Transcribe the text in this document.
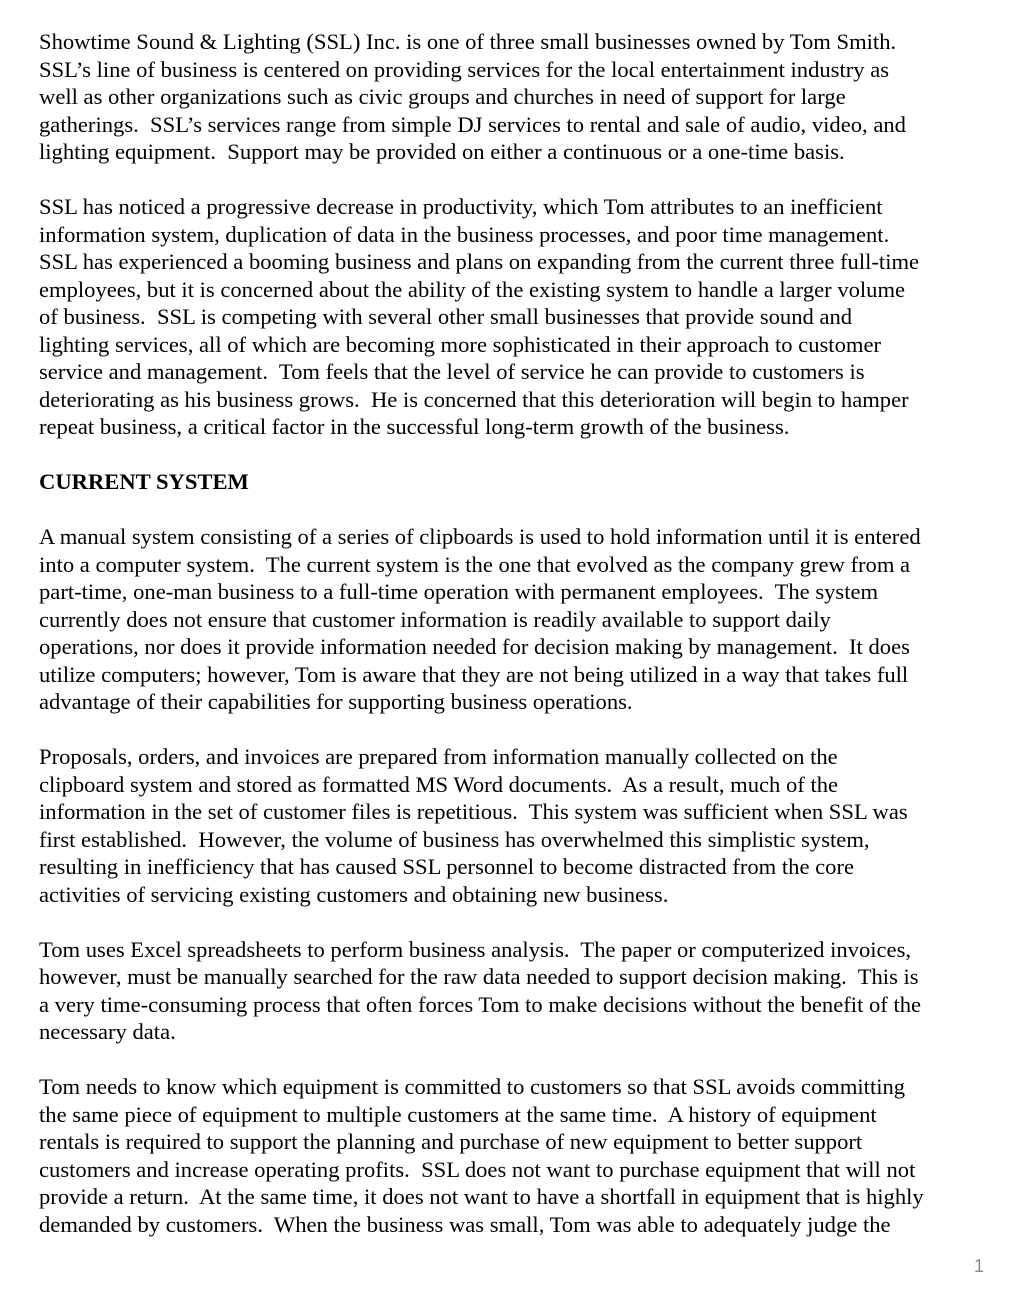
Showtime Sound & Lighting (SSL) Inc. is one of three small businesses owned by Tom Smith.
SSL’s line of business is centered on providing services for the local entertainment industry as
well as other organizations such as civic groups and churches in need of support for large
gatherings.  SSL’s services range from simple DJ services to rental and sale of audio, video, and
lighting equipment.  Support may be provided on either a continuous or a one-time basis.
SSL has noticed a progressive decrease in productivity, which Tom attributes to an inefficient
information system, duplication of data in the business processes, and poor time management.
SSL has experienced a booming business and plans on expanding from the current three full-time
employees, but it is concerned about the ability of the existing system to handle a larger volume
of business.  SSL is competing with several other small businesses that provide sound and
lighting services, all of which are becoming more sophisticated in their approach to customer
service and management.  Tom feels that the level of service he can provide to customers is
deteriorating as his business grows.  He is concerned that this deterioration will begin to hamper
repeat business, a critical factor in the successful long-term growth of the business.
CURRENT SYSTEM
A manual system consisting of a series of clipboards is used to hold information until it is entered
into a computer system.  The current system is the one that evolved as the company grew from a
part-time, one-man business to a full-time operation with permanent employees.  The system
currently does not ensure that customer information is readily available to support daily
operations, nor does it provide information needed for decision making by management.  It does
utilize computers; however, Tom is aware that they are not being utilized in a way that takes full
advantage of their capabilities for supporting business operations.
Proposals, orders, and invoices are prepared from information manually collected on the
clipboard system and stored as formatted MS Word documents.  As a result, much of the
information in the set of customer files is repetitious.  This system was sufficient when SSL was
first established.  However, the volume of business has overwhelmed this simplistic system,
resulting in inefficiency that has caused SSL personnel to become distracted from the core
activities of servicing existing customers and obtaining new business.
Tom uses Excel spreadsheets to perform business analysis.  The paper or computerized invoices,
however, must be manually searched for the raw data needed to support decision making.  This is
a very time-consuming process that often forces Tom to make decisions without the benefit of the
necessary data.
Tom needs to know which equipment is committed to customers so that SSL avoids committing
the same piece of equipment to multiple customers at the same time.  A history of equipment
rentals is required to support the planning and purchase of new equipment to better support
customers and increase operating profits.  SSL does not want to purchase equipment that will not
provide a return.  At the same time, it does not want to have a shortfall in equipment that is highly
demanded by customers.  When the business was small, Tom was able to adequately judge the
1
